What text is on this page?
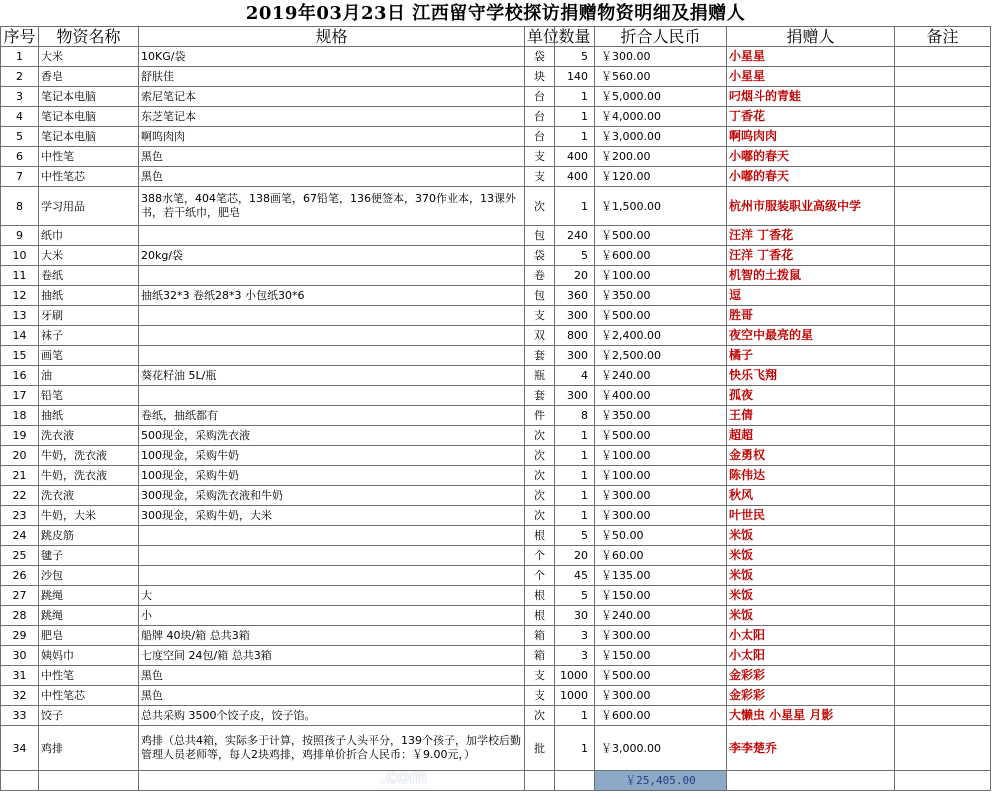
2019年03月23日 江西留守学校探访捐赠物资明细及捐赠人							
序号	物资名称	规格	单位	数量	折合人民币	捐赠人	备注
1	大米	10KG/袋	袋	5	￥300.00	小星星	
2	香皂	舒肤佳	块	140	￥560.00	小星星	
3	笔记本电脑	索尼笔记本	台	1	￥5,000.00	叼烟斗的青蛙	
4	笔记本电脑	东芝笔记本	台	1	￥4,000.00	丁香花	
5	笔记本电脑	啊呜肉肉	台	1	￥3,000.00	啊呜肉肉	
6	中性笔	黑色	支	400	￥200.00	小嘟的春天	
7	中性笔芯	黑色	支	400	￥120.00	小嘟的春天	
8	学习用品	388水笔，404笔芯，138画笔，67铅笔，136便签本，370作业本，13课外书，若干纸巾，肥皂	次	1	￥1,500.00	杭州市服装职业高级中学	
9	纸巾		包	240	￥500.00	汪洋 丁香花	
10	大米	20kg/袋	袋	5	￥600.00	汪洋 丁香花	
11	卷纸		卷	20	￥100.00	机智的土拨鼠	
12	抽纸	抽纸32*3 卷纸28*3 小包纸30*6	包	360	￥350.00	逗	
13	牙刷		支	300	￥500.00	胜哥	
14	袜子		双	800	￥2,400.00	夜空中最亮的星	
15	画笔		套	300	￥2,500.00	橘子	
16	油	葵花籽油 5L/瓶	瓶	4	￥240.00	快乐飞翔	
17	铅笔		套	300	￥400.00	孤夜	
18	抽纸	卷纸，抽纸都有	件	8	￥350.00	王倩	
19	洗衣液	500现金，采购洗衣液	次	1	￥500.00	超超	
20	牛奶，洗衣液	100现金，采购牛奶	次	1	￥100.00	金勇权	
21	牛奶，洗衣液	100现金，采购牛奶	次	1	￥100.00	陈伟达	
22	洗衣液	300现金，采购洗衣液和牛奶	次	1	￥300.00	秋风	
23	牛奶，大米	300现金，采购牛奶，大米	次	1	￥300.00	叶世民	
24	跳皮筋		根	5	￥50.00	米饭	
25	毽子		个	20	￥60.00	米饭	
26	沙包		个	45	￥135.00	米饭	
27	跳绳	大	根	5	￥150.00	米饭	
28	跳绳	小	根	30	￥240.00	米饭	
29	肥皂	船牌 40块/箱 总共3箱	箱	3	￥300.00	小太阳	
30	姨妈巾	七度空间 24包/箱 总共3箱	箱	3	￥150.00	小太阳	
31	中性笔	黑色	支	1000	￥500.00	金彩彩	
32	中性笔芯	黑色	支	1000	￥300.00	金彩彩	
33	饺子	总共采购 3500个饺子皮，饺子馅。	次	1	￥600.00	大懒虫 小星星 月影	
34	鸡排	鸡排（总共4箱，实际多于计算，按照孩子人头平分，139个孩子，加学校后勤管理人员老师等，每人2块鸡排，鸡排单价折合人民币：￥9.00元，）	批	1	￥3,000.00	李李楚乔	
					￥25,405.00		
.com
